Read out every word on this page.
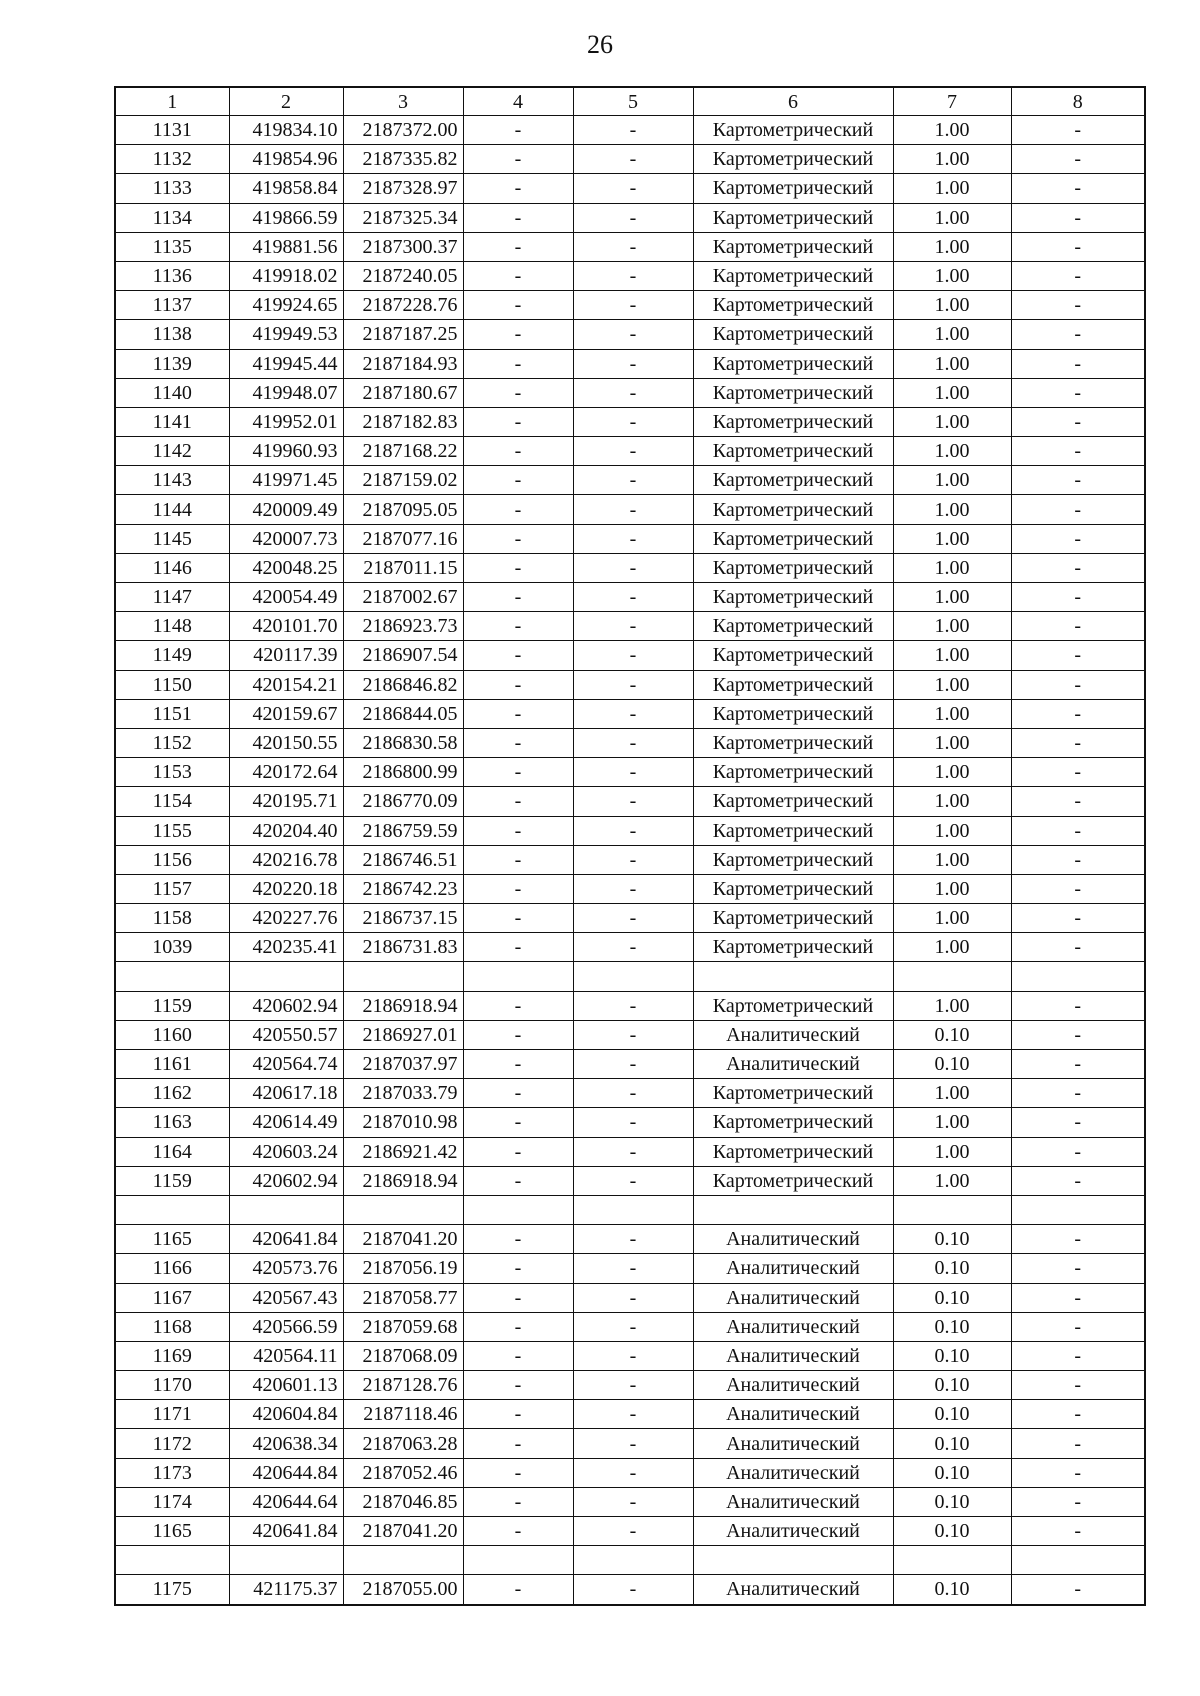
26
1	2	3	4	5	6	7	8
1131	419834.10	2187372.00	-	-	Картометрический	1.00	-
1132	419854.96	2187335.82	-	-	Картометрический	1.00	-
1133	419858.84	2187328.97	-	-	Картометрический	1.00	-
1134	419866.59	2187325.34	-	-	Картометрический	1.00	-
1135	419881.56	2187300.37	-	-	Картометрический	1.00	-
1136	419918.02	2187240.05	-	-	Картометрический	1.00	-
1137	419924.65	2187228.76	-	-	Картометрический	1.00	-
1138	419949.53	2187187.25	-	-	Картометрический	1.00	-
1139	419945.44	2187184.93	-	-	Картометрический	1.00	-
1140	419948.07	2187180.67	-	-	Картометрический	1.00	-
1141	419952.01	2187182.83	-	-	Картометрический	1.00	-
1142	419960.93	2187168.22	-	-	Картометрический	1.00	-
1143	419971.45	2187159.02	-	-	Картометрический	1.00	-
1144	420009.49	2187095.05	-	-	Картометрический	1.00	-
1145	420007.73	2187077.16	-	-	Картометрический	1.00	-
1146	420048.25	2187011.15	-	-	Картометрический	1.00	-
1147	420054.49	2187002.67	-	-	Картометрический	1.00	-
1148	420101.70	2186923.73	-	-	Картометрический	1.00	-
1149	420117.39	2186907.54	-	-	Картометрический	1.00	-
1150	420154.21	2186846.82	-	-	Картометрический	1.00	-
1151	420159.67	2186844.05	-	-	Картометрический	1.00	-
1152	420150.55	2186830.58	-	-	Картометрический	1.00	-
1153	420172.64	2186800.99	-	-	Картометрический	1.00	-
1154	420195.71	2186770.09	-	-	Картометрический	1.00	-
1155	420204.40	2186759.59	-	-	Картометрический	1.00	-
1156	420216.78	2186746.51	-	-	Картометрический	1.00	-
1157	420220.18	2186742.23	-	-	Картометрический	1.00	-
1158	420227.76	2186737.15	-	-	Картометрический	1.00	-
1039	420235.41	2186731.83	-	-	Картометрический	1.00	-

1159	420602.94	2186918.94	-	-	Картометрический	1.00	-
1160	420550.57	2186927.01	-	-	Аналитический	0.10	-
1161	420564.74	2187037.97	-	-	Аналитический	0.10	-
1162	420617.18	2187033.79	-	-	Картометрический	1.00	-
1163	420614.49	2187010.98	-	-	Картометрический	1.00	-
1164	420603.24	2186921.42	-	-	Картометрический	1.00	-
1159	420602.94	2186918.94	-	-	Картометрический	1.00	-

1165	420641.84	2187041.20	-	-	Аналитический	0.10	-
1166	420573.76	2187056.19	-	-	Аналитический	0.10	-
1167	420567.43	2187058.77	-	-	Аналитический	0.10	-
1168	420566.59	2187059.68	-	-	Аналитический	0.10	-
1169	420564.11	2187068.09	-	-	Аналитический	0.10	-
1170	420601.13	2187128.76	-	-	Аналитический	0.10	-
1171	420604.84	2187118.46	-	-	Аналитический	0.10	-
1172	420638.34	2187063.28	-	-	Аналитический	0.10	-
1173	420644.84	2187052.46	-	-	Аналитический	0.10	-
1174	420644.64	2187046.85	-	-	Аналитический	0.10	-
1165	420641.84	2187041.20	-	-	Аналитический	0.10	-

1175	421175.37	2187055.00	-	-	Аналитический	0.10	-
